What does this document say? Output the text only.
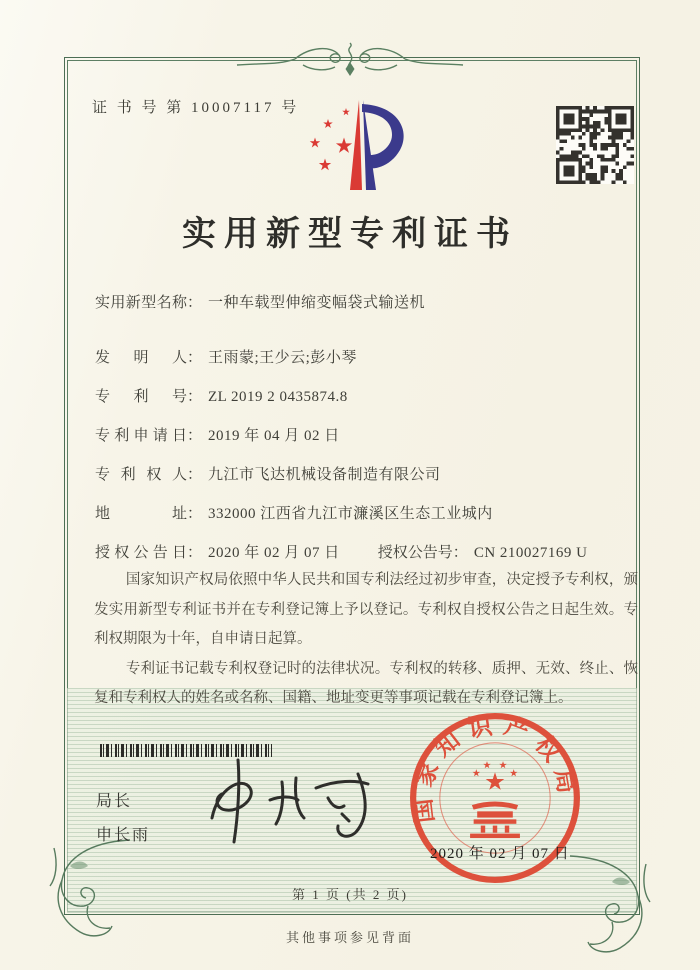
证 书 号 第 10007117 号
实用新型专利证书
实用新型名称： 一种车载型伸缩变幅袋式输送机
发明人： 王雨蒙;王少云;彭小琴
专利号： ZL 2019 2 0435874.8
专利申请日： 2019 年 04 月 02 日
专利权人： 九江市飞达机械设备制造有限公司
地址： 332000 江西省九江市濂溪区生态工业城内
授权公告日： 2020 年 02 月 07 日	授权公告号： CN 210027169 U

国家知识产权局依照中华人民共和国专利法经过初步审查，决定授予专利权，颁发实用新型专利证书并在专利登记簿上予以登记。专利权自授权公告之日起生效。专利权期限为十年，自申请日起算。

专利证书记载专利权登记时的法律状况。专利权的转移、质押、无效、终止、恢复和专利权人的姓名或名称、国籍、地址变更等事项记载在专利登记簿上。

局长
申长雨
国家知识产权局
2020 年 02 月 07 日
第 1 页 (共 2 页)
其他事项参见背面
